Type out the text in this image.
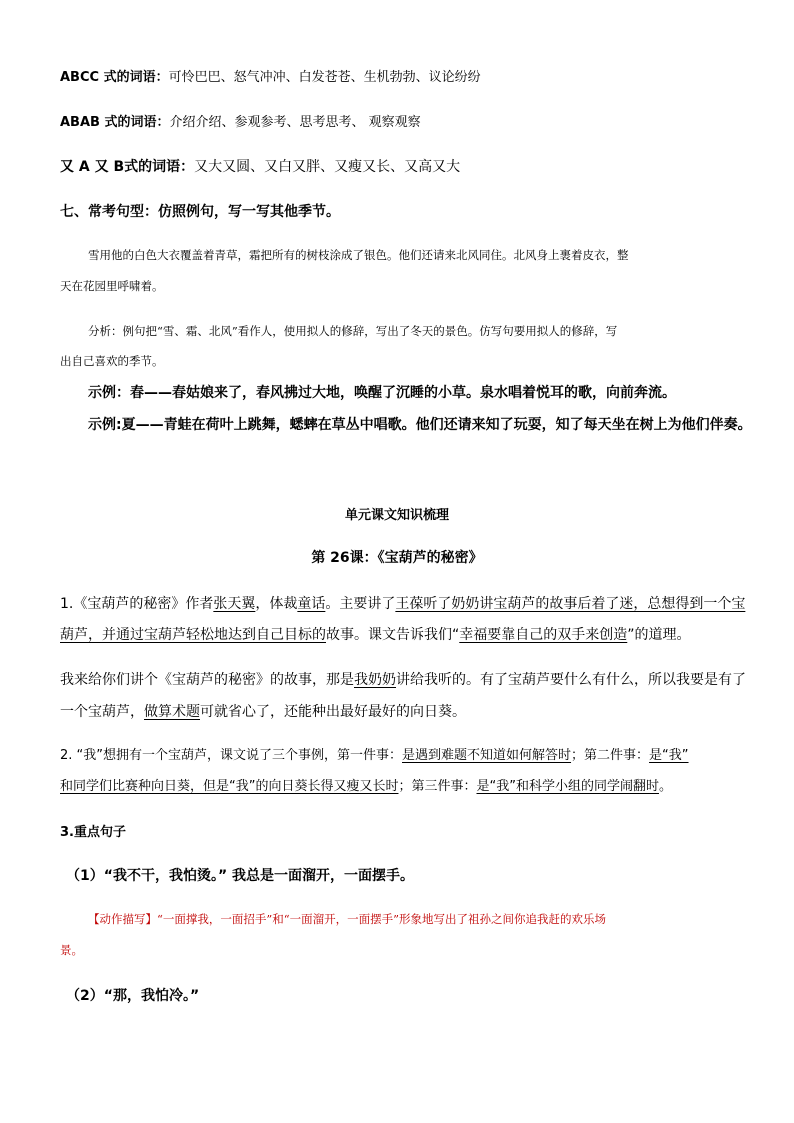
ABCC 式的词语：可怜巴巴、怒气冲冲、白发苍苍、生机勃勃、议论纷纷
ABAB 式的词语：介绍介绍、参观参考、思考思考、 观察观察
又 A 又 B式的词语：又大又圆、又白又胖、又瘦又长、又高又大
七、常考句型：仿照例句，写一写其他季节。
雪用他的白色大衣覆盖着青草，霜把所有的树枝涂成了银色。他们还请来北风同住。北风身上裹着皮衣，整
天在花园里呼啸着。
分析：例句把“雪、霜、北风”看作人，使用拟人的修辞，写出了冬天的景色。仿写句要用拟人的修辞，写
出自己喜欢的季节。
示例：春——春姑娘来了，春风拂过大地，唤醒了沉睡的小草。泉水唱着悦耳的歌，向前奔流。
示例:夏——青蛙在荷叶上跳舞，蟋蟀在草丛中唱歌。他们还请来知了玩耍，知了每天坐在树上为他们伴奏。
单元课文知识梳理
第 26课：《宝葫芦的秘密》
1.《宝葫芦的秘密》作者张天翼，体裁童话。主要讲了王葆听了奶奶讲宝葫芦的故事后着了迷，总想得到一个宝
葫芦，并通过宝葫芦轻松地达到自己目标的故事。课文告诉我们“幸福要靠自己的双手来创造”的道理。
我来给你们讲个《宝葫芦的秘密》的故事，那是我奶奶讲给我听的。有了宝葫芦要什么有什么，所以我要是有了
一个宝葫芦，做算术题可就省心了，还能种出最好最好的向日葵。
2. “我”想拥有一个宝葫芦，课文说了三个事例，第一件事：是遇到难题不知道如何解答时；第二件事：是“我”
和同学们比赛种向日葵，但是“我”的向日葵长得又瘦又长时；第三件事：是“我”和科学小组的同学闹翻时。
3.重点句子
（1）“我不干，我怕烫。” 我总是一面溜开，一面摆手。
【动作描写】“一面撑我，一面招手”和“一面溜开，一面摆手”形象地写出了祖孙之间你追我赶的欢乐场
景。
（2）“那，我怕冷。”
